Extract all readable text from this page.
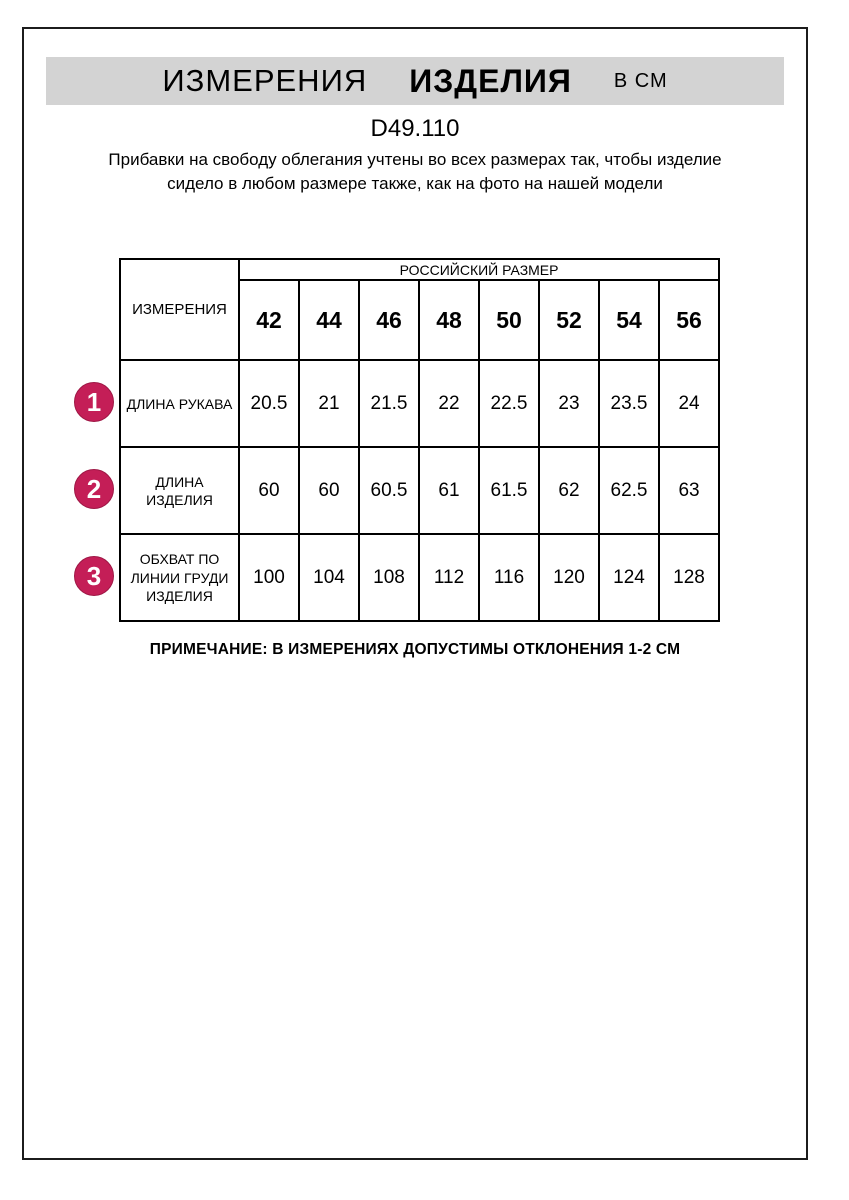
ИЗМЕРЕНИЯ ИЗДЕЛИЯ В СМ
D49.110

Прибавки на свободу облегания учтены во всех размерах так, чтобы изделие сидело в любом размере также, как на фото на нашей модели

1
2
3
ИЗМЕРЕНИЯ	РОССИЙСКИЙ РАЗМЕР							
	42	44	46	48	50	52	54	56

ДЛИНА РУКАВА	20.5	21	21.5	22	22.5	23	23.5	24

ДЛИНА
ИЗДЕЛИЯ	60	60	60.5	61	61.5	62	62.5	63

ОБХВАТ ПО
ЛИНИИ ГРУДИ
ИЗДЕЛИЯ	100	104	108	112	116	120	124	128
ПРИМЕЧАНИЕ: В ИЗМЕРЕНИЯХ ДОПУСТИМЫ ОТКЛОНЕНИЯ 1-2 СМ
